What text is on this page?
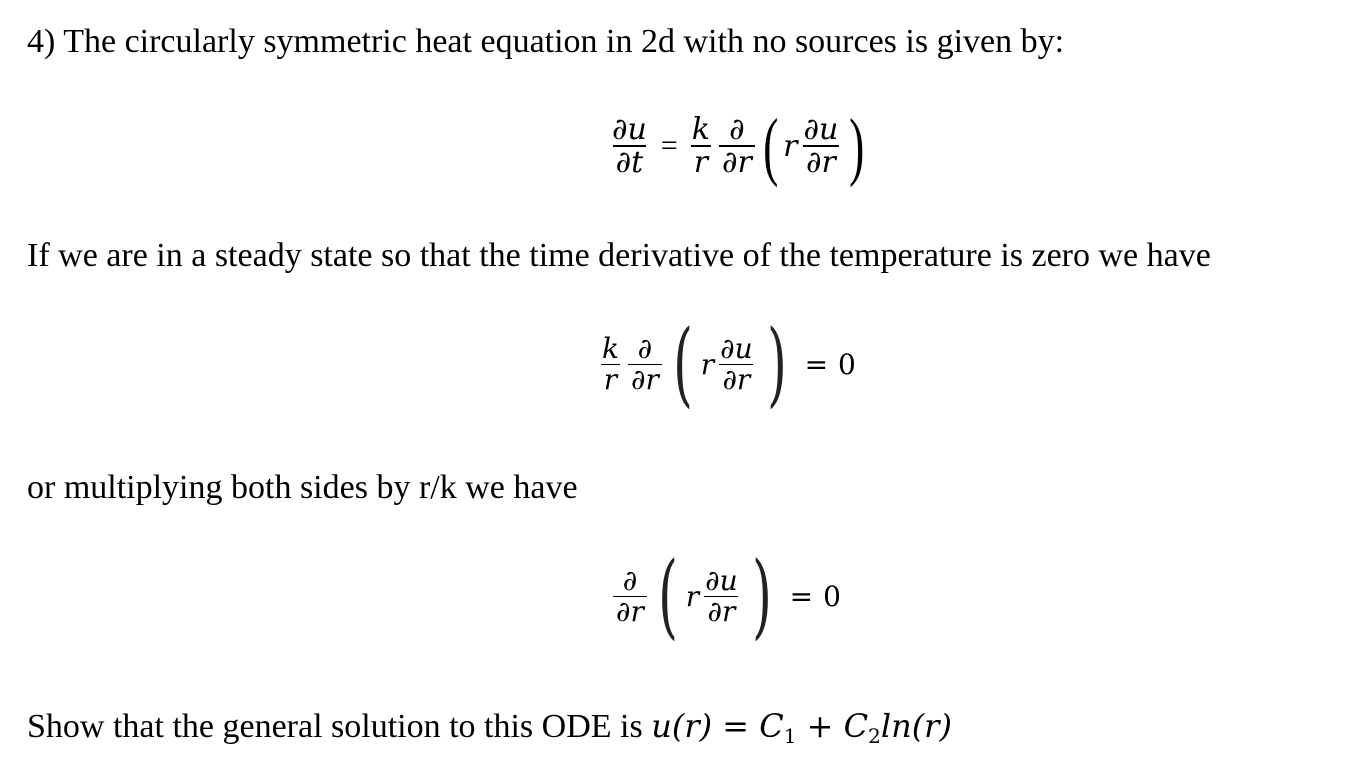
4) The circularly symmetric heat equation in 2d with no sources is given by:

$\frac{\partial u}{\partial t} = \frac{k}{r} \frac{\partial}{\partial r}$ ( r $\frac{\partial u}{\partial r}$ )

If we are in a steady state so that the time derivative of the temperature is zero we have

$\frac{k}{r} \frac{\partial}{\partial r}$ ( r $\frac{\partial u}{\partial r}$ ) = 0

or multiplying both sides by r/k we have

$\frac{\partial}{\partial r}$ ( r $\frac{\partial u}{\partial r}$ ) = 0

Show that the general solution to this ODE is $u(r) = C_1 + C_2\ln(r)$
